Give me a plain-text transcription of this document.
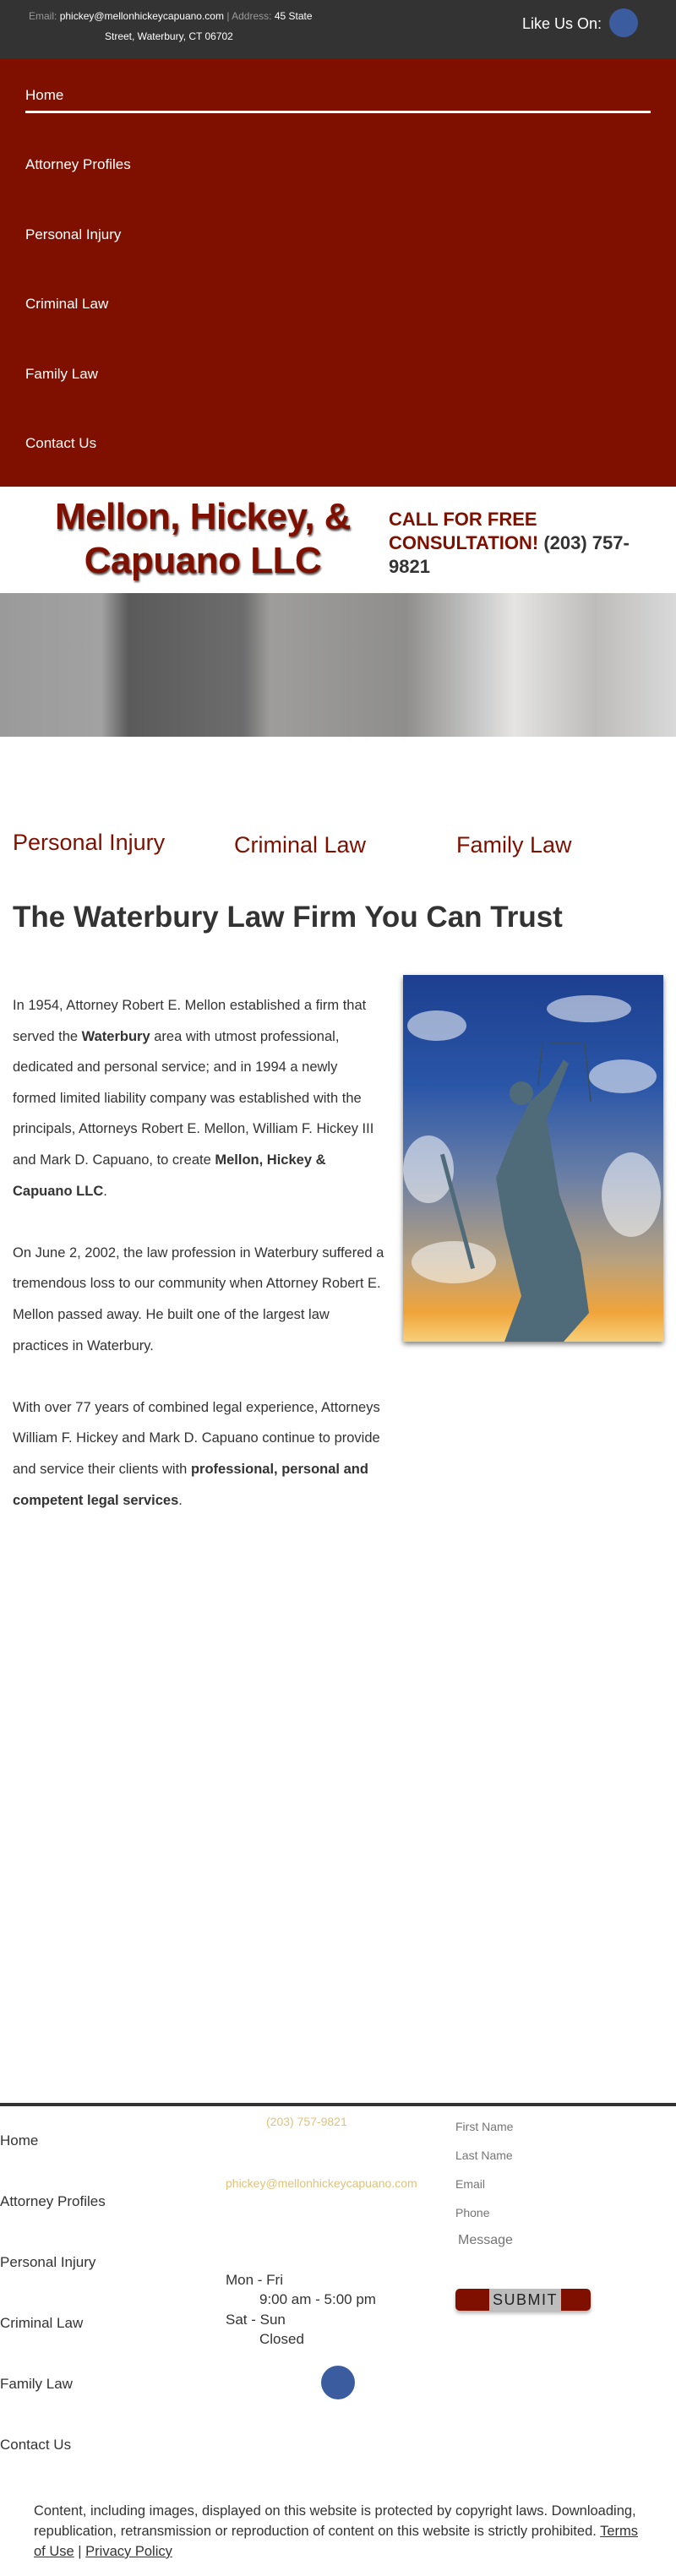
Email: phickey@mellonhickeycapuano.com | Address: 45 State
Street, Waterbury, CT 06702
Like Us On:
Home
Attorney Profiles
Personal Injury
Criminal Law
Family Law
Contact Us
Mellon, Hickey, &
Capuano LLC
CALL FOR FREE
CONSULTATION! (203) 757-9821
Personal Injury	Criminal Law	Family Law
The Waterbury Law Firm You Can Trust

In 1954, Attorney Robert E. Mellon established a firm that served the Waterbury area with utmost professional, dedicated and personal service; and in 1994 a newly formed limited liability company was established with the principals, Attorneys Robert E. Mellon, William F. Hickey III and Mark D. Capuano, to create Mellon, Hickey & Capuano LLC.

On June 2, 2002, the law profession in Waterbury suffered a tremendous loss to our community when Attorney Robert E. Mellon passed away. He built one of the largest law practices in Waterbury.

With over 77 years of combined legal experience, Attorneys William F. Hickey and Mark D. Capuano continue to provide and service their clients with professional, personal and competent legal services.

Home
Attorney Profiles
Personal Injury
Criminal Law
Family Law
Contact Us
(203) 757-9821
phickey@mellonhickeycapuano.com
Mon - Fri
9:00 am - 5:00 pm
Sat - Sun
Closed
First Name
Last Name
Email
Phone
Message
SUBMIT
Content, including images, displayed on this website is protected by copyright laws. Downloading, republication, retransmission or reproduction of content on this website is strictly prohibited. Terms of Use | Privacy Policy
